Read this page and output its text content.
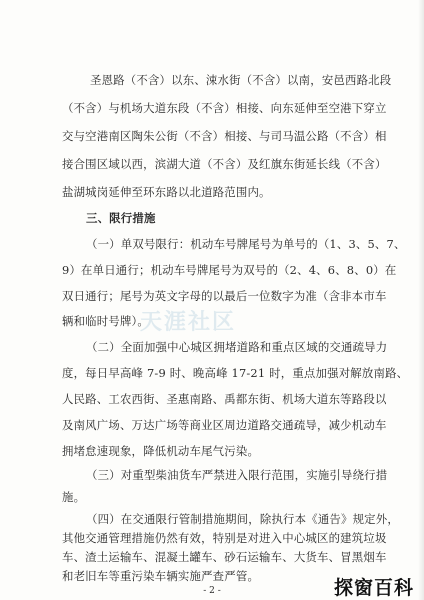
圣恩路（不含）以东、涑水街（不含）以南，安邑西路北段
（不含）与机场大道东段（不含）相接、向东延伸至空港下穿立
交与空港南区陶朱公街（不含）相接、与司马温公路（不含）相
接合围区域以西，滨湖大道（不含）及红旗东街延长线（不含）
盐湖城岗延伸至环东路以北道路范围内。
三、限行措施
（一）单双号限行：机动车号牌尾号为单号的（1、3、5、7、
9）在单日通行；机动车号牌尾号为双号的（2、4、6、8、0）在
双日通行；尾号为英文字母的以最后一位数字为准（含非本市车
辆和临时号牌）。
（二）全面加强中心城区拥堵道路和重点区域的交通疏导力
度，每日早高峰 7-9 时、晚高峰 17-21 时，重点加强对解放南路、
人民路、工农西街、圣惠南路、禹都东街、机场大道东等路段以
及南风广场、万达广场等商业区周边道路交通疏导，减少机动车
拥堵怠速现象，降低机动车尾气污染。
（三）对重型柴油货车严禁进入限行范围，实施引导绕行措
施。
（四）在交通限行管制措施期间，除执行本《通告》规定外，
其他交通管理措施仍然有效，特别是对进入中心城区的建筑垃圾
车、渣土运输车、混凝土罐车、砂石运输车、大货车、冒黑烟车
和老旧车等重污染车辆实施严查严管。
- 2 -
天涯社区
探窗百科
